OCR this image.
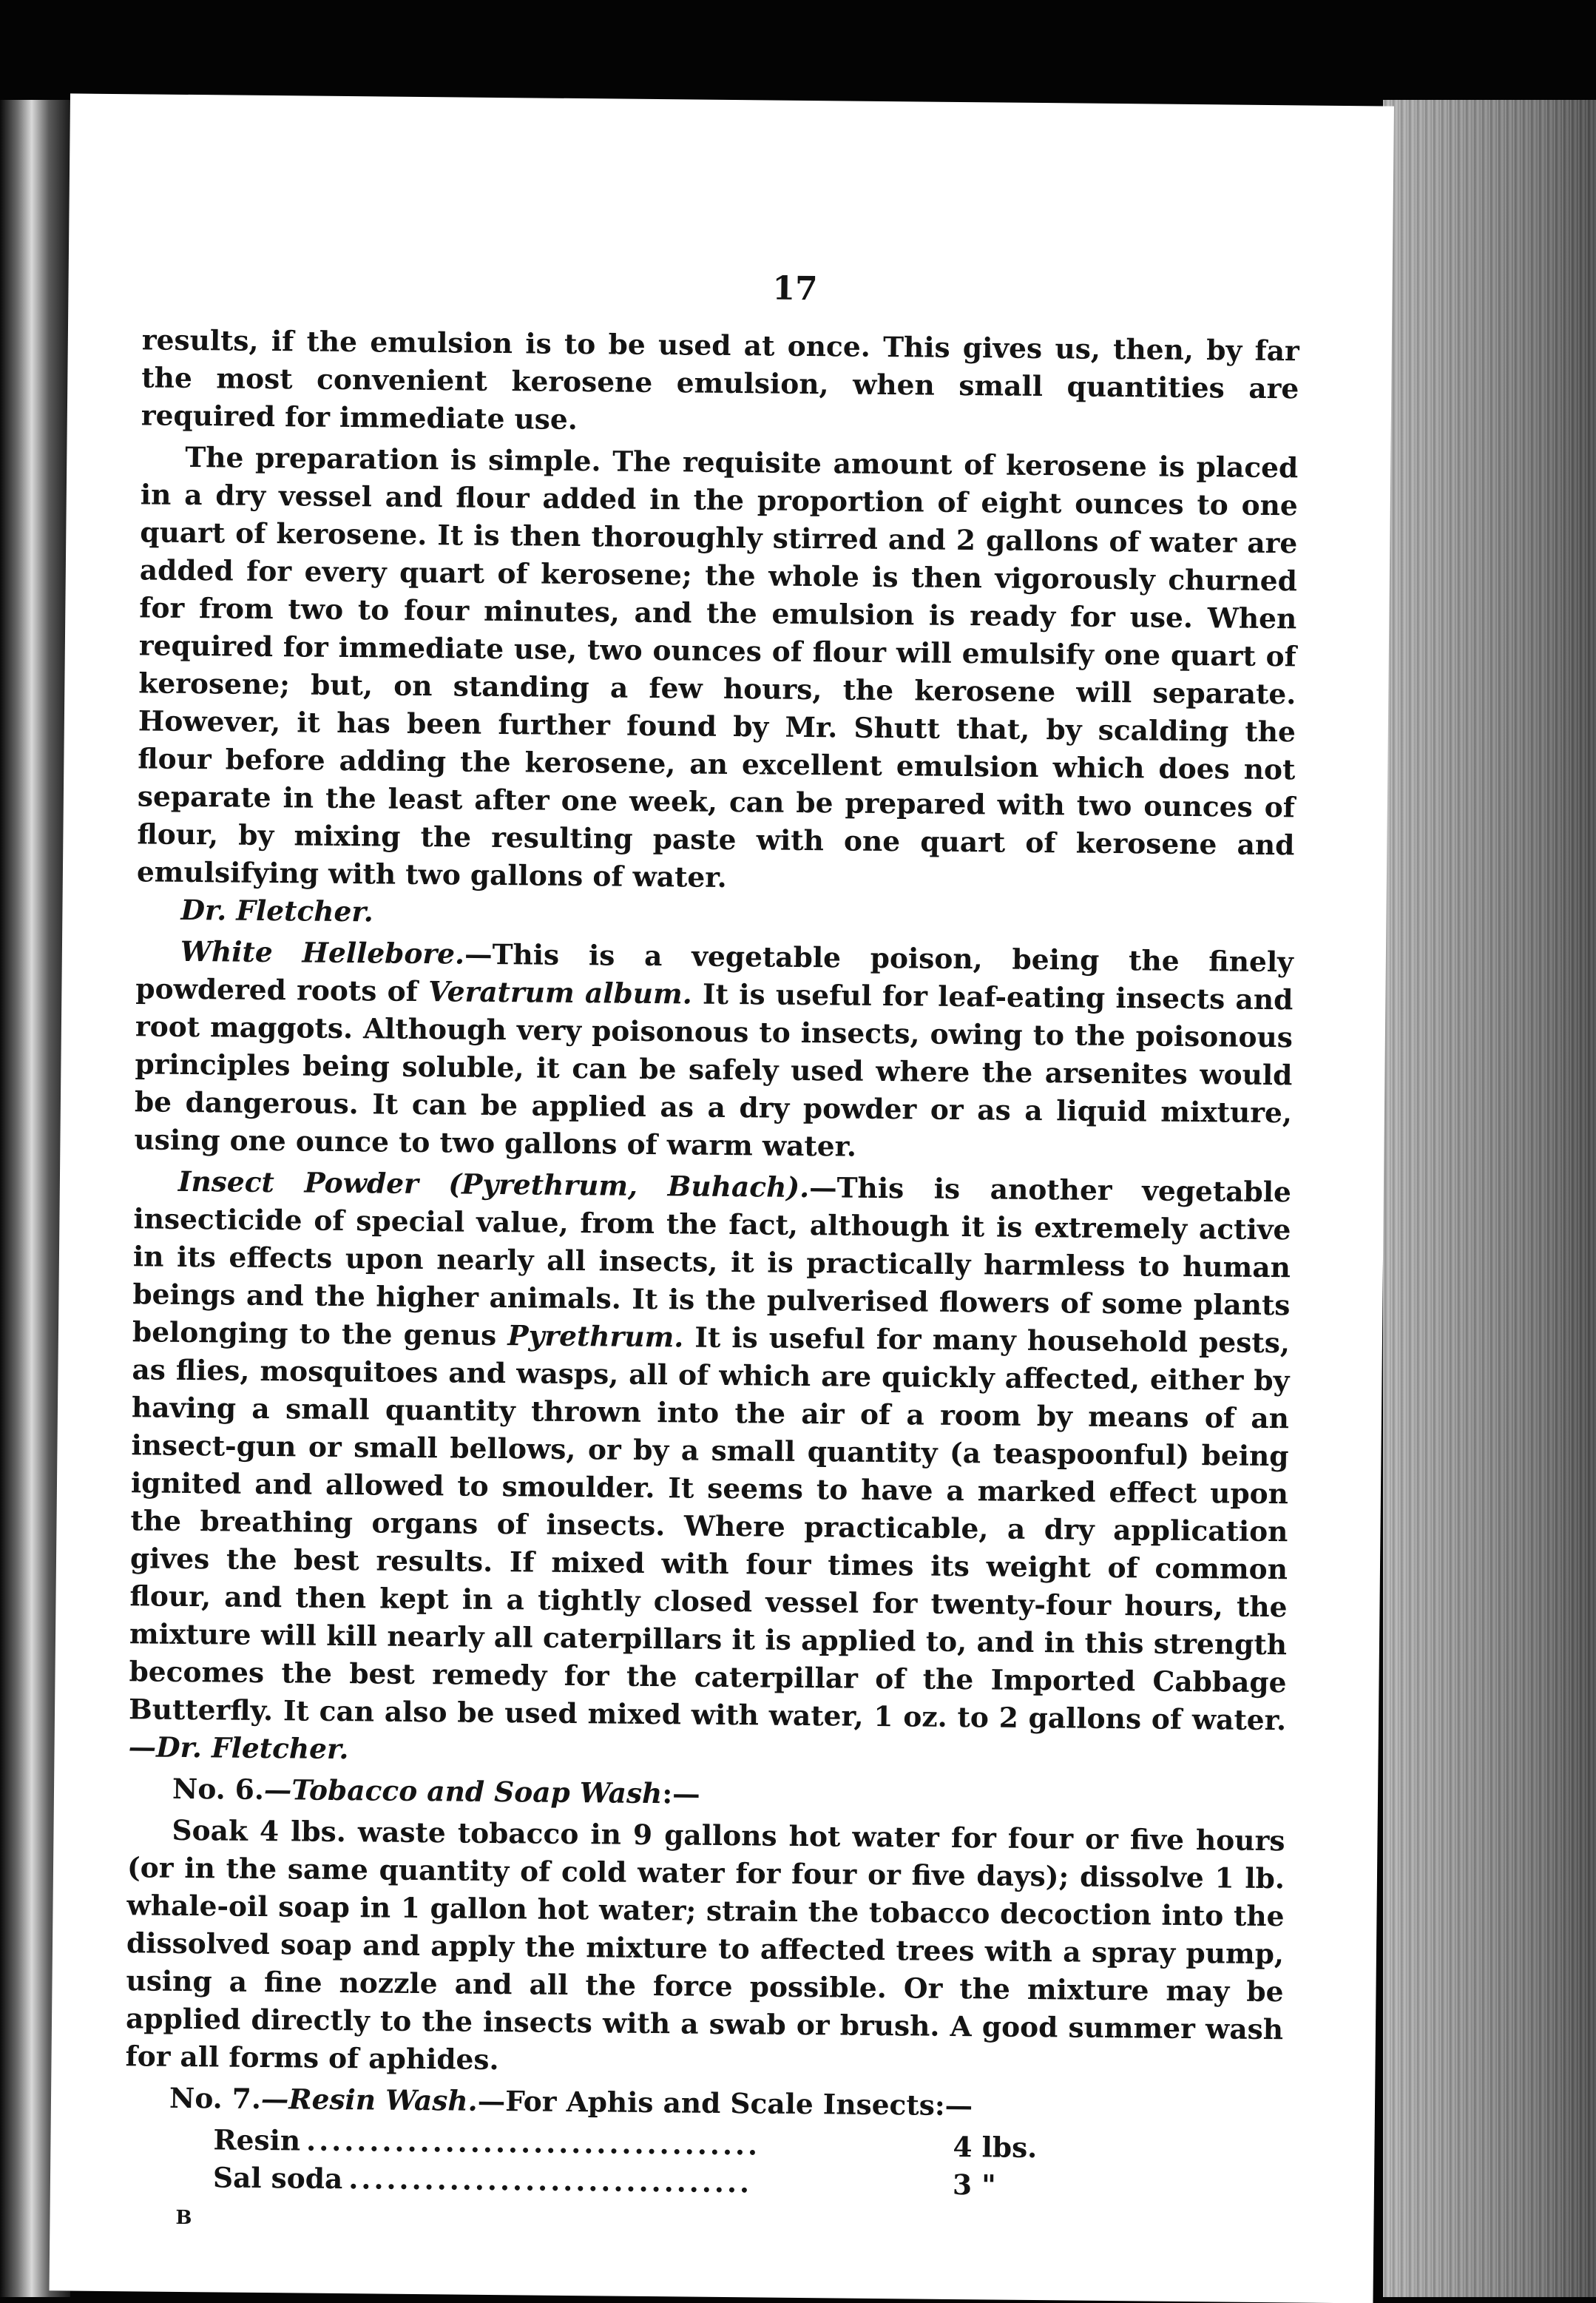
17

results, if the emulsion is to be used at once. This gives us, then, by far the most convenient kerosene emulsion, when small quantities are required for immediate use.

The preparation is simple. The requisite amount of kerosene is placed in a dry vessel and flour added in the proportion of eight ounces to one quart of kerosene. It is then thoroughly stirred and 2 gallons of water are added for every quart of kerosene; the whole is then vigorously churned for from two to four minutes, and the emulsion is ready for use. When required for immediate use, two ounces of flour will emulsify one quart of kerosene; but, on standing a few hours, the kerosene will separate. However, it has been further found by Mr. Shutt that, by scalding the flour before adding the kerosene, an excellent emulsion which does not separate in the least after one week, can be prepared with two ounces of flour, by mixing the resulting paste with one quart of kerosene and emulsifying with two gallons of water.
Dr. Fletcher.

White Hellebore.—This is a vegetable poison, being the finely powdered roots of Veratrum album. It is useful for leaf-eating insects and root maggots. Although very poisonous to insects, owing to the poisonous principles being soluble, it can be safely used where the arsenites would be dangerous. It can be applied as a dry powder or as a liquid mixture, using one ounce to two gallons of warm water.

Insect Powder (Pyrethrum, Buhach).—This is another vegetable insecticide of special value, from the fact, although it is extremely active in its effects upon nearly all insects, it is practically harmless to human beings and the higher animals. It is the pulverised flowers of some plants belonging to the genus Pyrethrum. It is useful for many household pests, as flies, mosquitoes and wasps, all of which are quickly affected, either by having a small quantity thrown into the air of a room by means of an insect-gun or small bellows, or by a small quantity (a teaspoonful) being ignited and allowed to smoulder. It seems to have a marked effect upon the breathing organs of insects. Where practicable, a dry application gives the best results. If mixed with four times its weight of common flour, and then kept in a tightly closed vessel for twenty-four hours, the mixture will kill nearly all caterpillars it is applied to, and in this strength becomes the best remedy for the caterpillar of the Imported Cabbage Butterfly. It can also be used mixed with water, 1 oz. to 2 gallons of water.—Dr. Fletcher.

No. 6.—Tobacco and Soap Wash:—

Soak 4 lbs. waste tobacco in 9 gallons hot water for four or five hours (or in the same quantity of cold water for four or five days); dissolve 1 lb. whale-oil soap in 1 gallon hot water; strain the tobacco decoction into the dissolved soap and apply the mixture to affected trees with a spray pump, using a fine nozzle and all the force possible. Or the mixture may be applied directly to the insects with a swab or brush. A good summer wash for all forms of aphides.

No. 7.—Resin Wash.—For Aphis and Scale Insects:—

Resin ....................................	4 lbs.
Sal soda ................................	3 "
B
